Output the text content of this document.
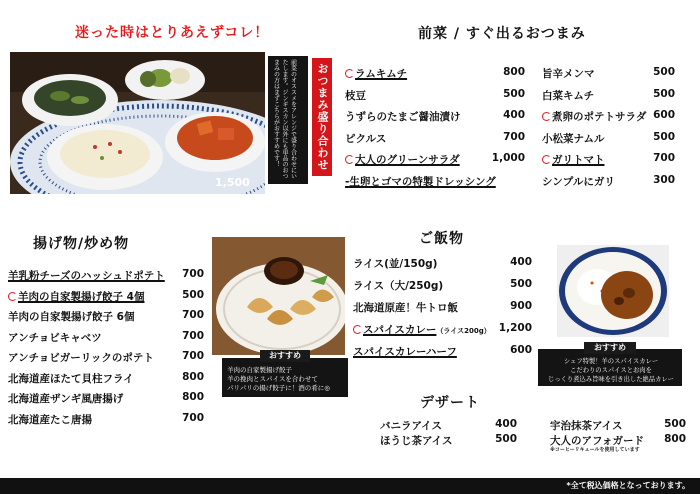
迷った時はとりあえずコレ！
1,500
前菜のオススメをアレンジで盛り合わせにいたします。ジンギスカン以外にも単品のおつまみの方はまずこちらがおすすめです！	おつまみ盛り合わせ
前菜 / すぐ出るおつまみ
ラムキムチ	800
枝豆	500
うずらのたまご醤油漬け	400
ピクルス	700
大人のグリーンサラダ	1,000
-生卵とゴマの特製ドレッシング
旨辛メンマ	500
白菜キムチ	500
煮卵のポテトサラダ 600
小松菜ナムル	500
ガリトマト	700
シンプルにガリ	300
揚げ物/炒め物
羊乳粉チーズのハッシュドポテト	700
羊肉の自家製揚げ餃子 4個	500
羊肉の自家製揚げ餃子 6個	700
アンチョビキャベツ	700
アンチョビガーリックのポテト	700
北海道産ほたて貝柱フライ	800
北海道産ザンギ風唐揚げ	800
北海道産たこ唐揚	700
おすすめ
羊肉の自家製揚げ餃子
羊の挽肉とスパイスを合わせて
パリパリの揚げ餃子に！酒の肴に◎
ご飯物
ライス(並/150g)	400
ライス（大/250g)	500
北海道原産！牛トロ飯	900
スパイスカレー（ライス200g） 1,200
スパイスカレーハーフ	600	おすすめ
シェフ特製！羊のスパイスカレー
こだわりのスパイスとお肉を
じっくり煮込み旨味を引き出した絶品カレー
デザート
バニラアイス	400
ほうじ茶アイス	500
宇治抹茶アイス	500
大人のアフォガード	800
※コーヒーリキュールを使用しています
*全て税込価格となっております。
